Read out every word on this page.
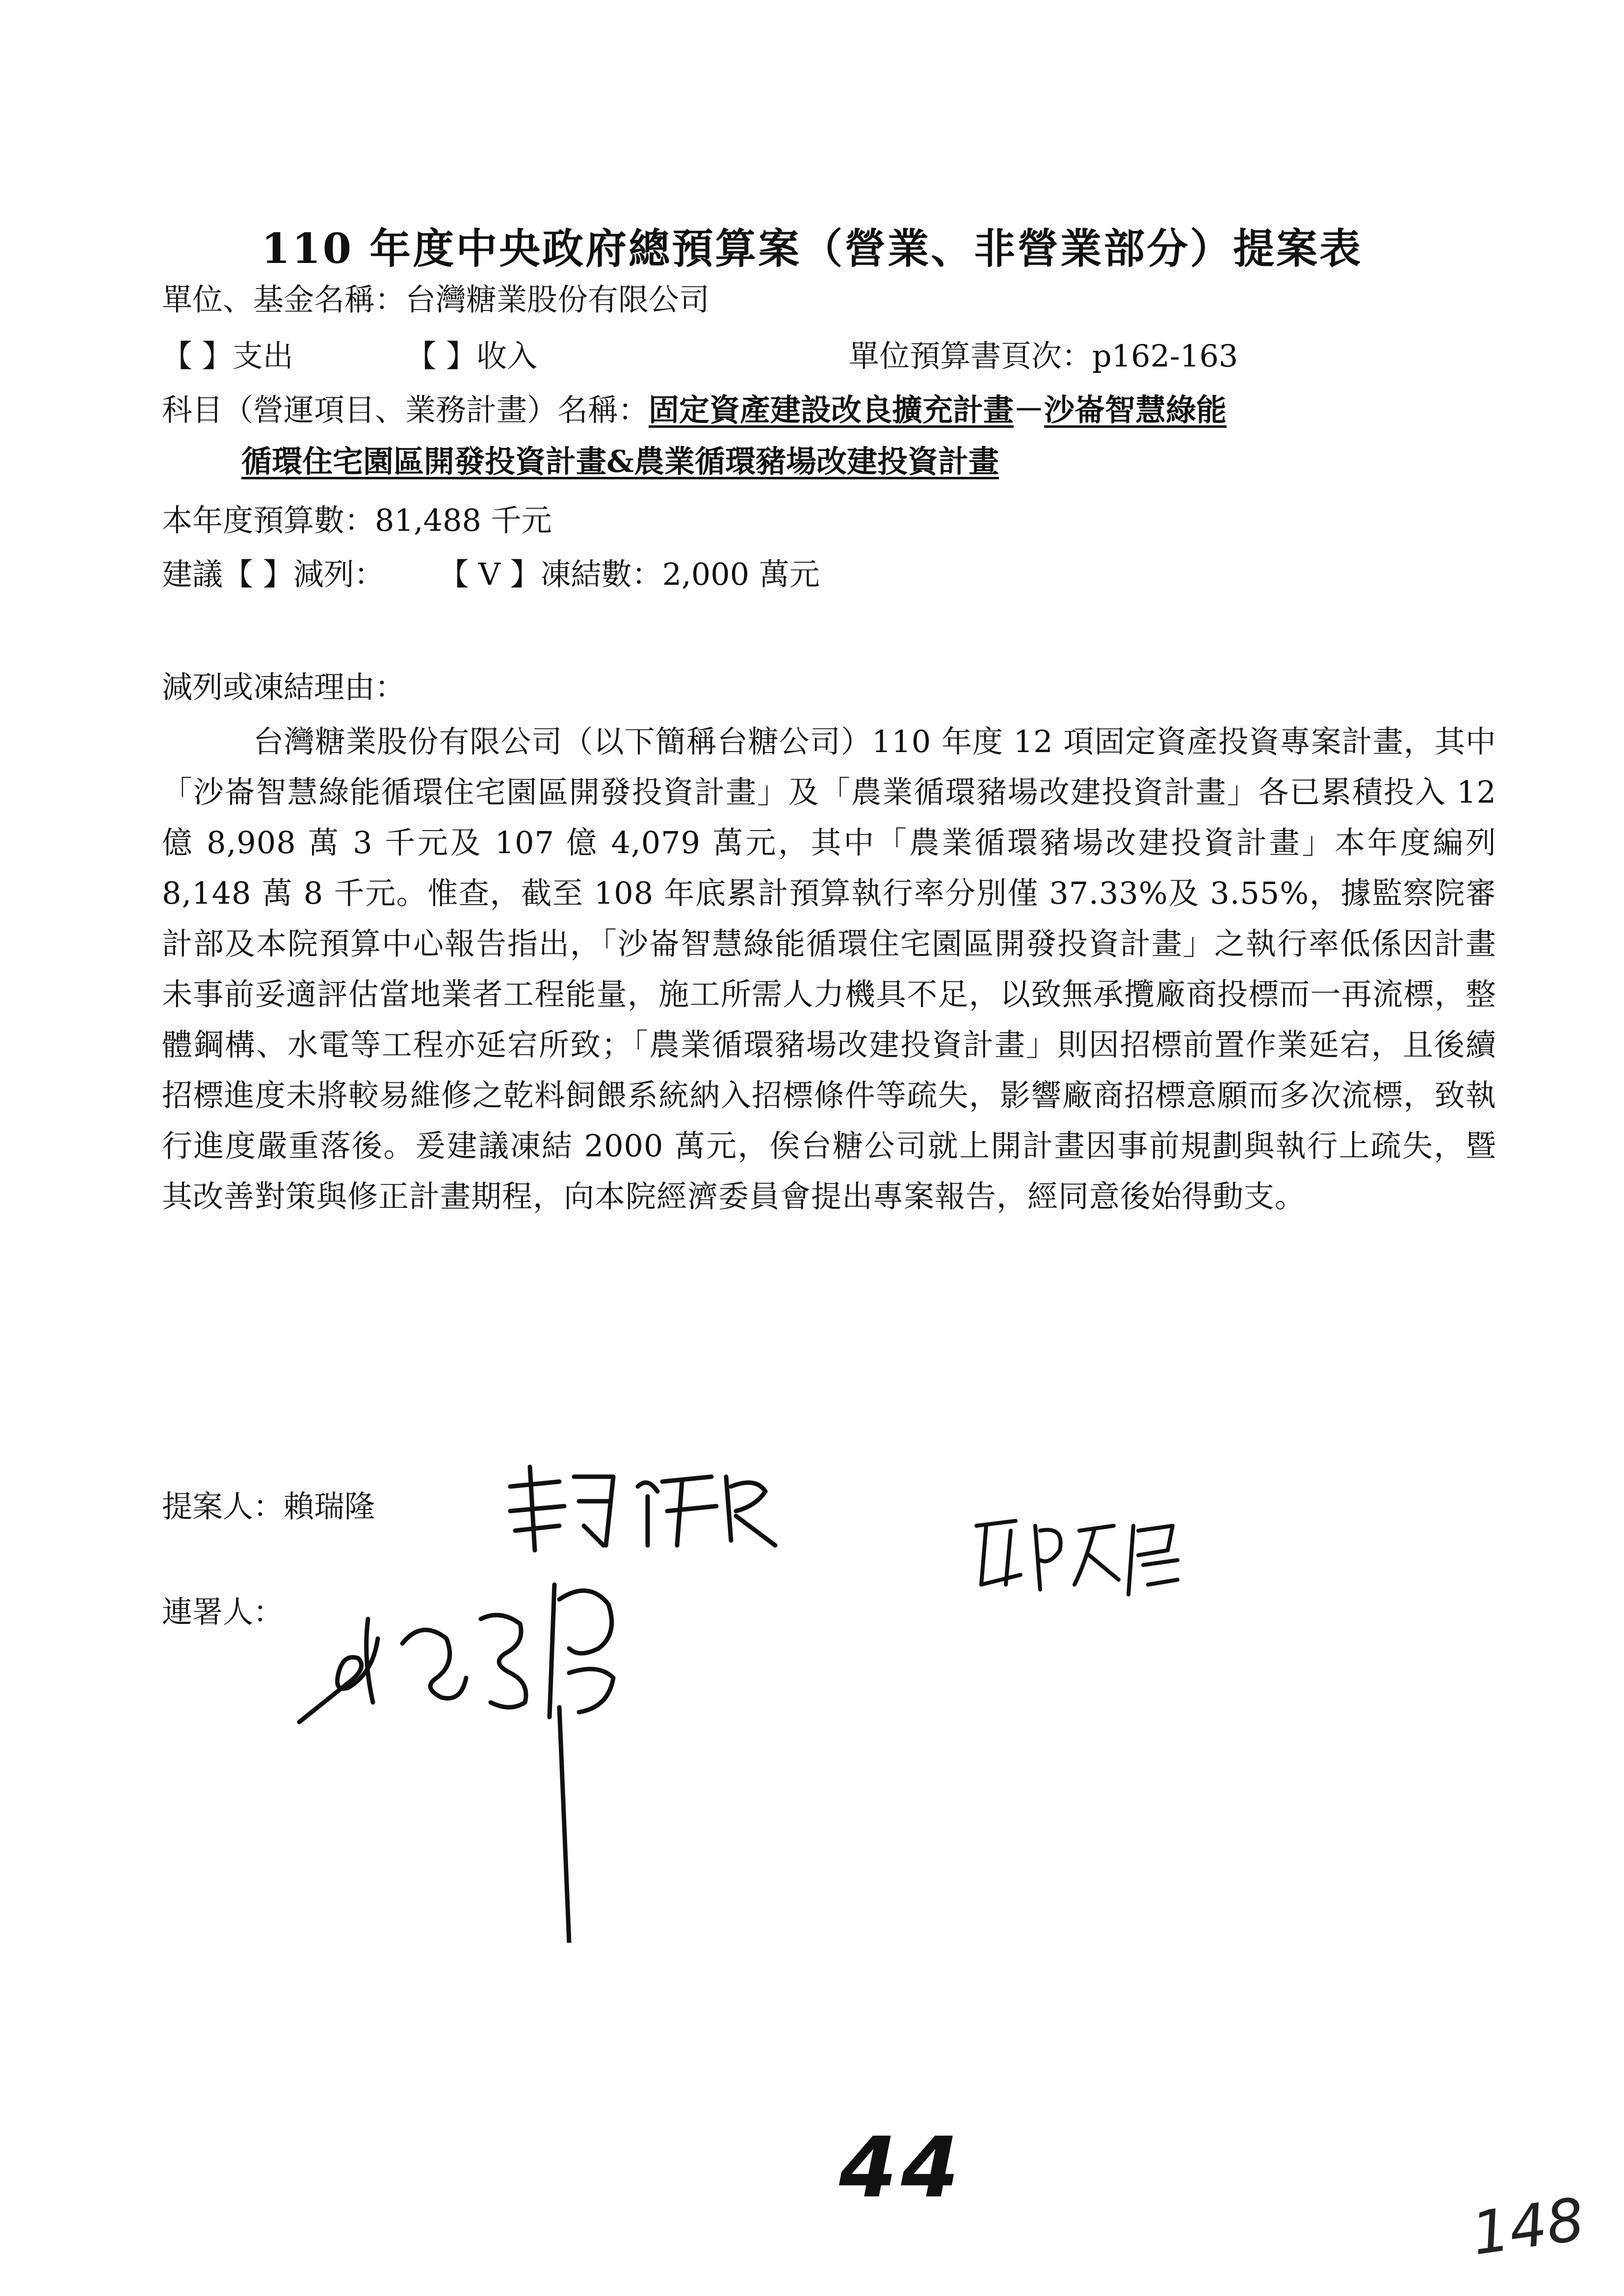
110 年度中央政府總預算案（營業、非營業部分）提案表
單位、基金名稱：台灣糖業股份有限公司
【 】支出	【 】收入	單位預算書頁次：p162-163
科目（營運項目、業務計畫）名稱：固定資產建設改良擴充計畫－沙崙智慧綠能
循環住宅園區開發投資計畫&農業循環豬場改建投資計畫
本年度預算數：81,488 千元
建議【 】減列： 【 V 】凍結數：2,000 萬元
減列或凍結理由：
台灣糖業股份有限公司（以下簡稱台糖公司）110 年度 12 項固定資產投資專案計畫，其中「沙崙智慧綠能循環住宅園區開發投資計畫」及「農業循環豬場改建投資計畫」各已累積投入 12 億 8,908 萬 3 千元及 107 億 4,079 萬元，其中「農業循環豬場改建投資計畫」本年度編列 8,148 萬 8 千元。惟查，截至 108 年底累計預算執行率分別僅 37.33%及 3.55%，據監察院審計部及本院預算中心報告指出，「沙崙智慧綠能循環住宅園區開發投資計畫」之執行率低係因計畫未事前妥適評估當地業者工程能量，施工所需人力機具不足，以致無承攬廠商投標而一再流標，整體鋼構、水電等工程亦延宕所致；「農業循環豬場改建投資計畫」則因招標前置作業延宕，且後續招標進度未將較易維修之乾料飼餵系統納入招標條件等疏失，影響廠商招標意願而多次流標，致執行進度嚴重落後。爰建議凍結 2000 萬元，俟台糖公司就上開計畫因事前規劃與執行上疏失，暨其改善對策與修正計畫期程，向本院經濟委員會提出專案報告，經同意後始得動支。
提案人：賴瑞隆
連署人：
44
148
